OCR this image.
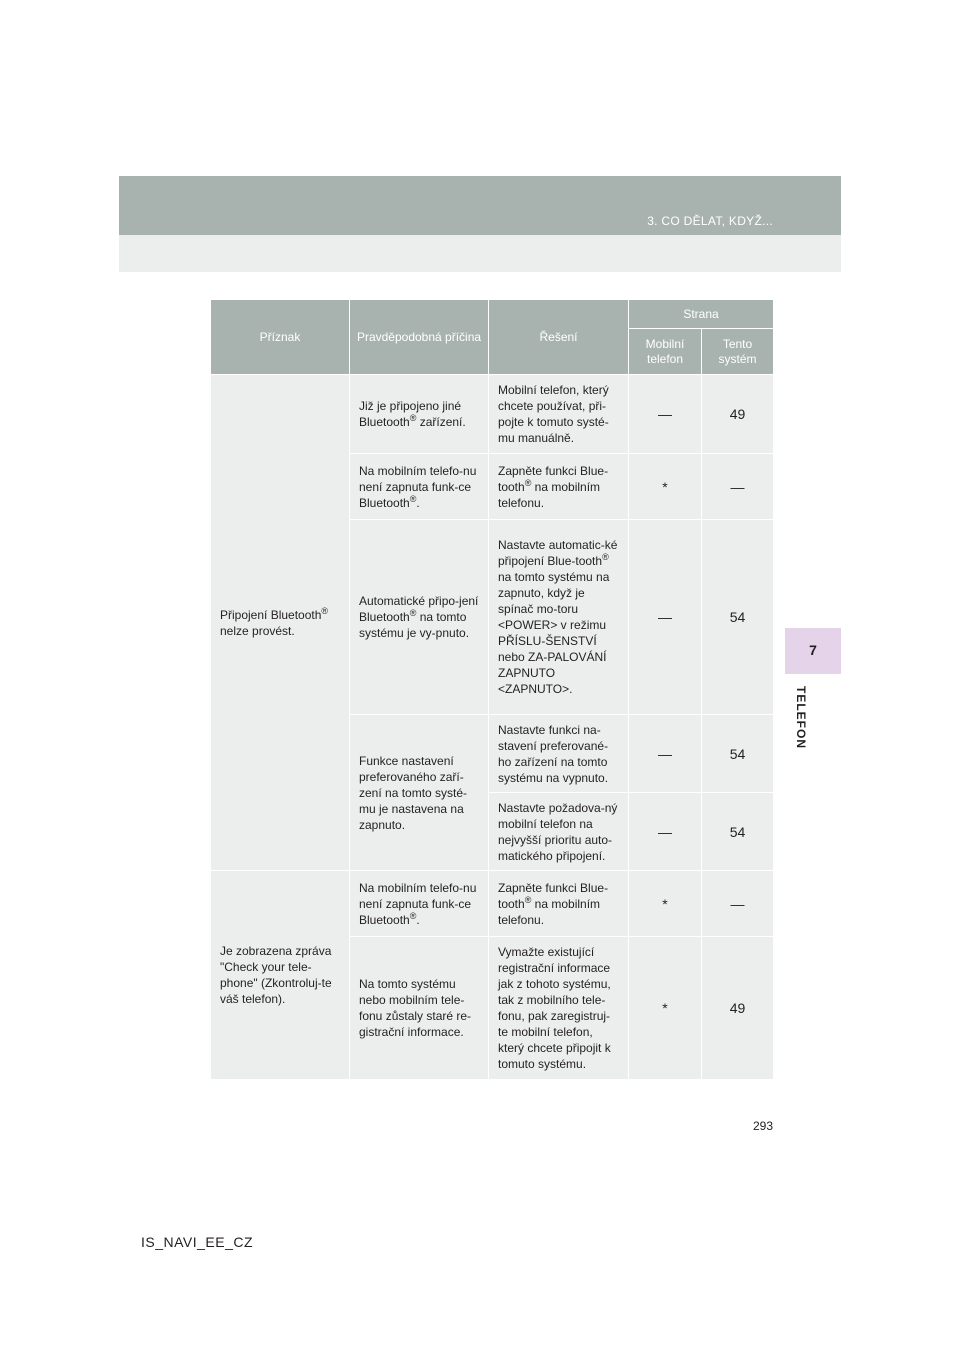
3. CO DĚLAT, KDYŽ...
7
TELEFON
Příznak	Pravděpodobná příčina	Řešení	Strana	
			Mobilní telefon	Tento systém
Připojení Bluetooth®
nelze provést.	Již je připojeno jiné Bluetooth® zařízení.	Mobilní telefon, který chcete používat, při-pojte k tomuto systé-mu manuálně.	—	49
	Na mobilním telefo-nu není zapnuta funk-ce Bluetooth®.	Zapněte funkci Blue-tooth® na mobilním telefonu.	*	—
	Automatické připo-jení Bluetooth® na tomto systému je vy-pnuto.	Nastavte automatic-ké připojení Blue-tooth® na tomto systému na zapnuto, když je spínač mo-toru <POWER> v režimu PŘÍSLU-ŠENSTVÍ nebo ZA-PALOVÁNÍ ZAPNUTO <ZAPNUTO>.	—	54
	Funkce nastavení preferovaného zaří-zení na tomto systé-mu je nastavena na zapnuto.	Nastavte funkci na-stavení preferované-ho zařízení na tomto systému na vypnuto.	—	54
		Nastavte požadova-ný mobilní telefon na nejvyšší prioritu auto-matického připojení.	—	54
Je zobrazena zpráva "Check your tele-phone" (Zkontroluj-te váš telefon).	Na mobilním telefo-nu není zapnuta funk-ce Bluetooth®.	Zapněte funkci Blue-tooth® na mobilním telefonu.	*	—
	Na tomto systému nebo mobilním tele-fonu zůstaly staré re-gistrační informace.	Vymažte existující registrační informace jak z tohoto systému, tak z mobilního tele-fonu, pak zaregistruj-te mobilní telefon, který chcete připojit k tomuto systému.	*	49
293
IS_NAVI_EE_CZ
